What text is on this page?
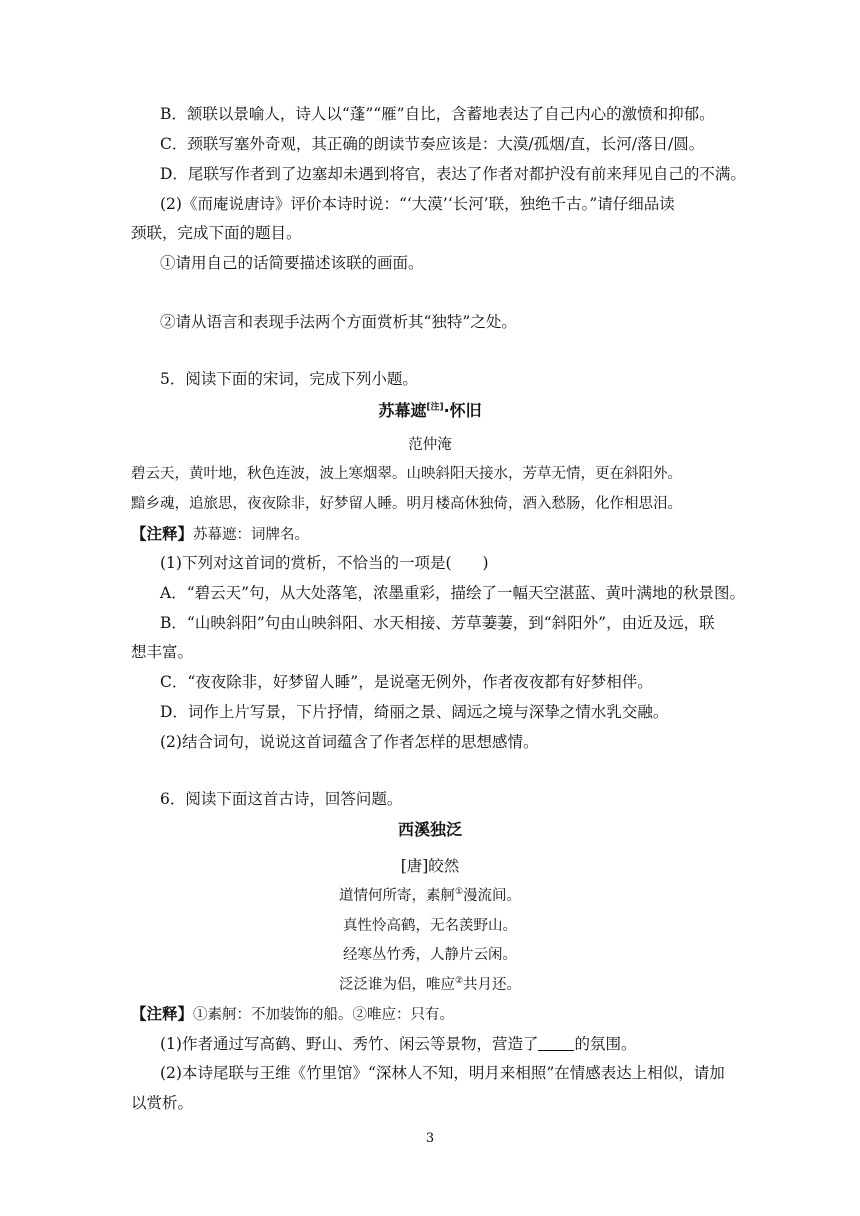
B．颔联以景喻人，诗人以“蓬”“雁”自比，含蓄地表达了自己内心的激愤和抑郁。
C．颈联写塞外奇观，其正确的朗读节奏应该是：大漠/孤烟/直，长河/落日/圆。
D．尾联写作者到了边塞却未遇到将官，表达了作者对都护没有前来拜见自己的不满。
(2)《而庵说唐诗》评价本诗时说：“‘大漠’‘长河’联，独绝千古。”请仔细品读
颈联，完成下面的题目。
①请用自己的话简要描述该联的画面。
②请从语言和表现手法两个方面赏析其“独特”之处。
5．阅读下面的宋词，完成下列小题。
苏幕遮[注]·怀旧
范仲淹
碧云天，黄叶地，秋色连波，波上寒烟翠。山映斜阳天接水，芳草无情，更在斜阳外。
黯乡魂，追旅思，夜夜除非，好梦留人睡。明月楼高休独倚，酒入愁肠，化作相思泪。
【注释】苏幕遮：词牌名。
(1)下列对这首词的赏析，不恰当的一项是(　　)
A．“碧云天”句，从大处落笔，浓墨重彩，描绘了一幅天空湛蓝、黄叶满地的秋景图。
B．“山映斜阳”句由山映斜阳、水天相接、芳草萋萋，到“斜阳外”，由近及远，联
想丰富。
C．“夜夜除非，好梦留人睡”，是说毫无例外，作者夜夜都有好梦相伴。
D．词作上片写景，下片抒情，绮丽之景、阔远之境与深挚之情水乳交融。
(2)结合词句，说说这首词蕴含了作者怎样的思想感情。
6．阅读下面这首古诗，回答问题。
西溪独泛
[唐]皎然
道情何所寄，素舸①漫流间。
真性怜高鹤，无名羡野山。
经寒丛竹秀，人静片云闲。
泛泛谁为侣，唯应②共月还。
【注释】①素舸：不加装饰的船。②唯应：只有。
(1)作者通过写高鹤、野山、秀竹、闲云等景物，营造了 的氛围。
(2)本诗尾联与王维《竹里馆》“深林人不知，明月来相照”在情感表达上相似，请加
以赏析。
3
